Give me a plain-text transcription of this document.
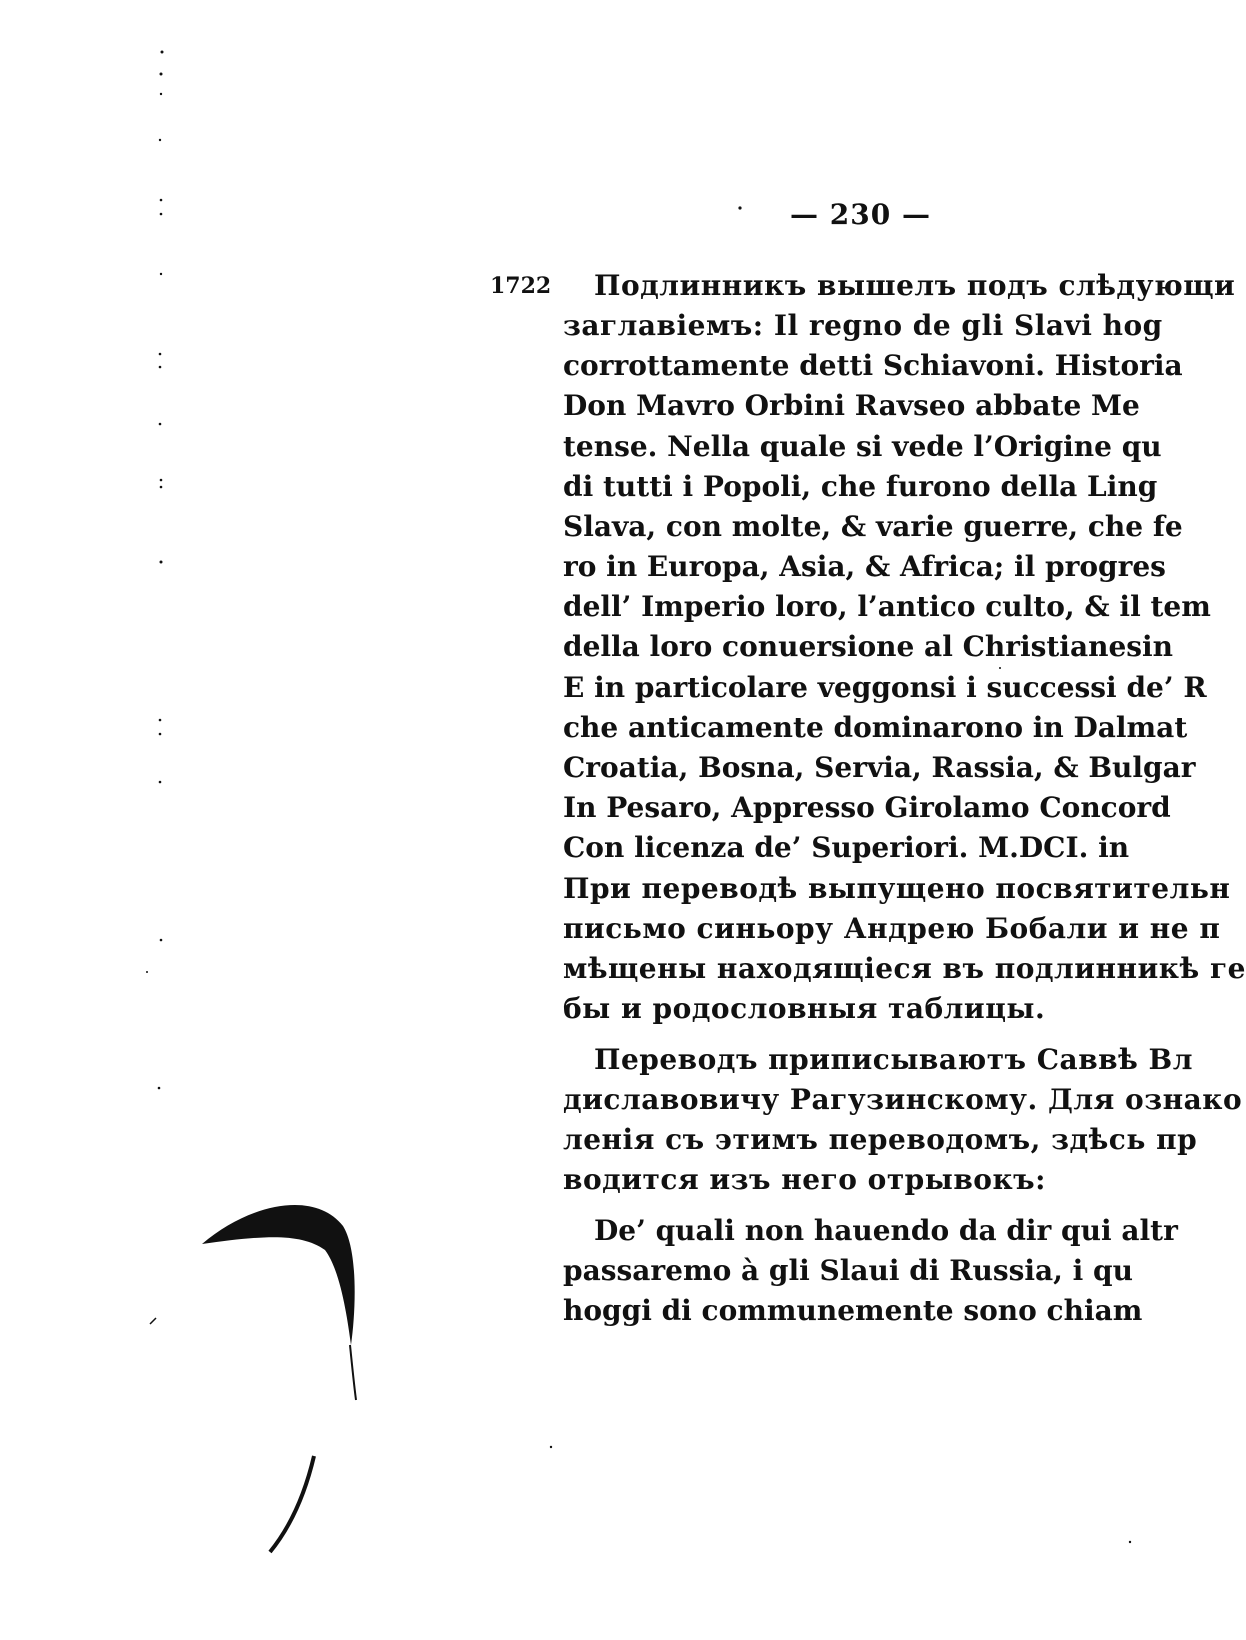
— 230 —
1722 Подлинникъ вышелъ подъ слѣдующи
заглавіемъ: Il regno de gli Slavi hog
corrottamente detti Schiavoni. Historia
Don Mavro Orbini Ravseo abbate Me
tense. Nella quale si vede l’Origine qu
di tutti i Popoli, che furono della Ling
Slava, con molte, & varie guerre, che fe
ro in Europa, Asia, & Africa; il progres
dell’ Imperio loro, l’antico culto, & il tem
della loro conuersione al Christianesin
E in particolare veggonsi i successi de’ R
che anticamente dominarono in Dalmat
Croatia, Bosna, Servia, Rassia, & Bulgar
In Pesaro, Appresso Girolamo Concord
Con licenza de’ Superiori. M.DCI. in
При переводѣ выпущено посвятительн
письмо синьору Андрею Бобали и не п
мѣщены находящіеся въ подлинникѣ ге
бы и родословныя таблицы.
Переводъ приписываютъ Саввѣ Вл
диславовичу Рагузинскому. Для ознако
ленія съ этимъ переводомъ, здѣсь пр
водится изъ него отрывокъ:
De’ quali non hauendo da dir qui altr
passaremo à gli Slaui di Russia, i qu
hoggi di communemente sono chiam
